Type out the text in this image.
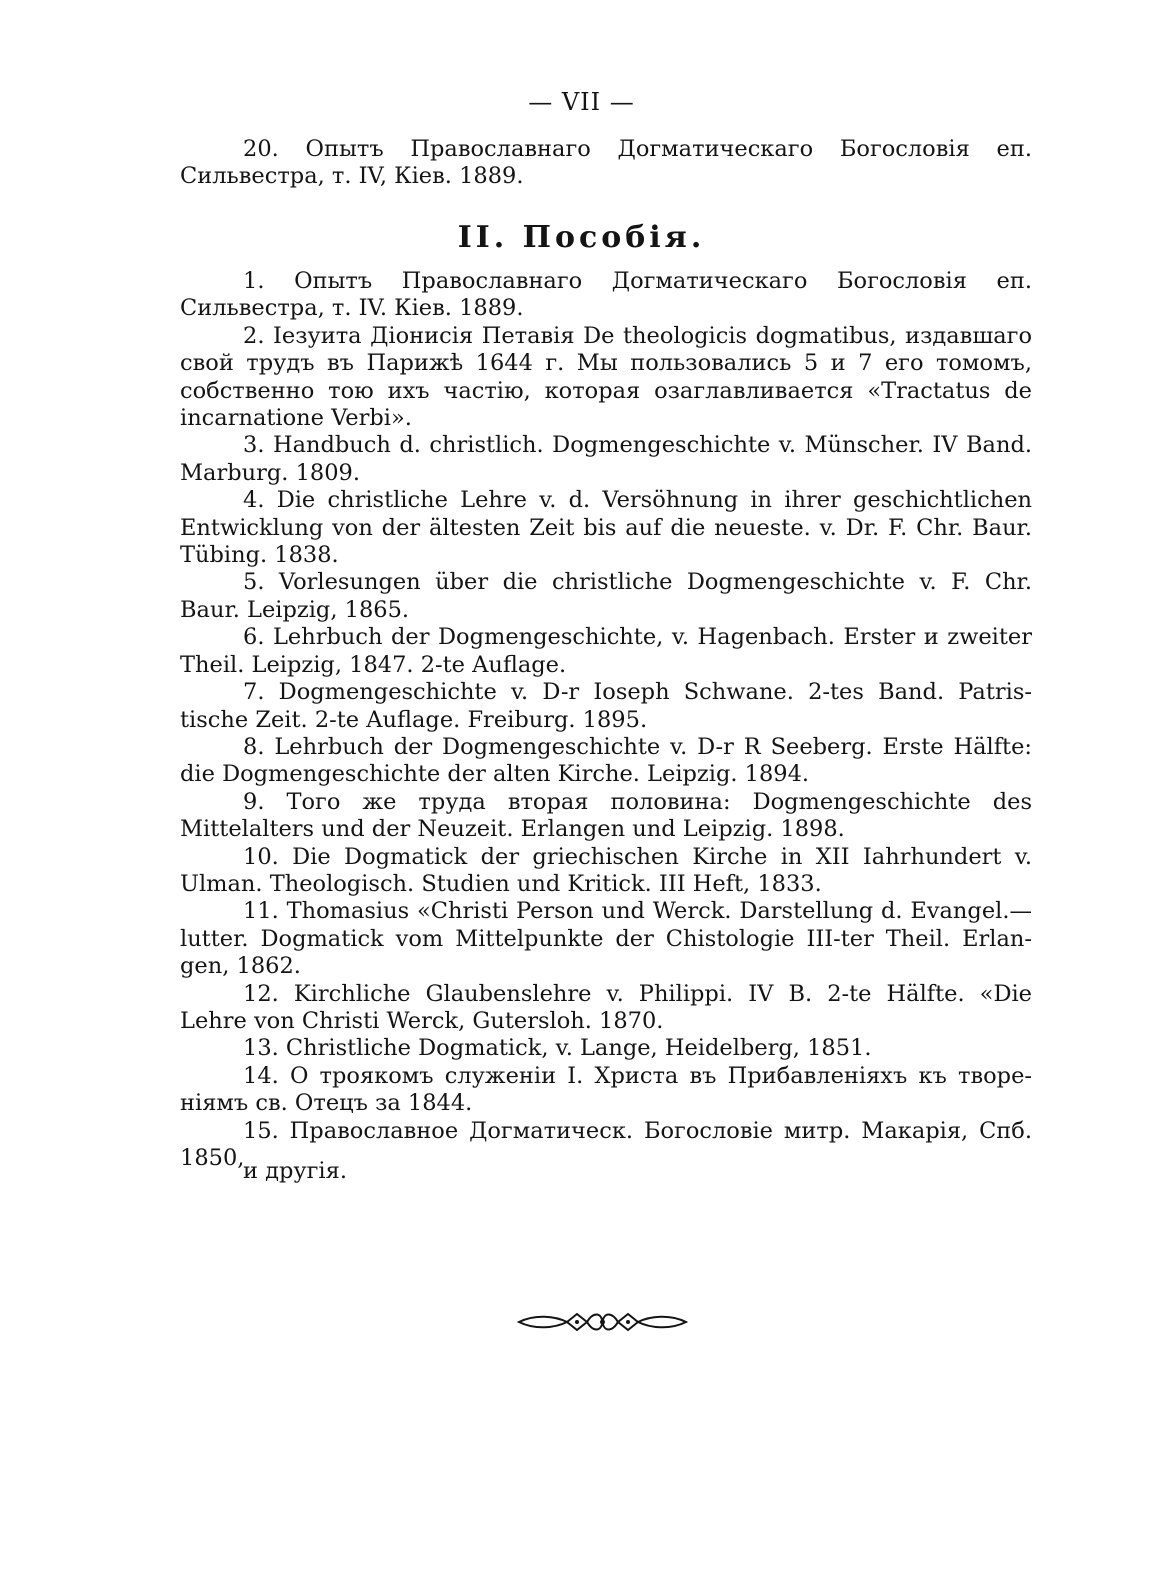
— VII —

20. Опытъ Православнаго Догматическаго Богословія еп. Сильвестра, т. IV, Кіев. 1889.

II. Пособія.

1. Опытъ Православнаго Догматическаго Богословія еп. Сильвестра, т. IV. Кіев. 1889.

2. Іезуита Діонисія Петавія De theologicis dogmatibus, издавшаго свой трудъ въ Парижѣ 1644 г. Мы пользовались 5 и 7 его томомъ, собственно тою ихъ частію, которая озаглавливается «Tractatus de incarnatione Verbi».

3. Handbuch d. christlich. Dogmengeschichte v. Münscher. IV Band. Marburg. 1809.

4. Die christliche Lehre v. d. Versöhnung in ihrer geschichtlichen Entwicklung von der ältesten Zeit bis auf die neueste. v. Dr. F. Chr. Baur. Tübing. 1838.

5. Vorlesungen über die christliche Dogmengeschichte v. F. Chr. Baur. Leipzig, 1865.

6. Lehrbuch der Dogmengeschichte, v. Hagenbach. Erster и zweiter Theil. Leipzig, 1847. 2-te Auflage.

7. Dogmengeschichte v. D-r Ioseph Schwane. 2-tes Band. Patristische Zeit. 2-te Auflage. Freiburg. 1895.

8. Lehrbuch der Dogmengeschichte v. D-r R Seeberg. Erste Hälfte: die Dogmengeschichte der alten Kirche. Leipzig. 1894.

9. Того же труда вторая половина: Dogmengeschichte des Mittelalters und der Neuzeit. Erlangen und Leipzig. 1898.

10. Die Dogmatick der griechischen Kirche in XII Iahrhundert v. Ulman. Theologisch. Studien und Kritick. III Heft, 1833.

11. Thomasius «Christi Person und Werck. Darstellung d. Evangel.— lutter. Dogmatick vom Mittelpunkte der Chistologie III-ter Theil. Erlangen, 1862.

12. Kirchliche Glaubenslehre v. Philippi. IV B. 2-te Hälfte. «Die Lehre von Christi Werck, Gutersloh. 1870.

13. Christliche Dogmatick, v. Lange, Heidelberg, 1851.

14. О троякомъ служеніи І. Христа въ Прибавленіяхъ къ твореніямъ св. Отецъ за 1844.

15. Православное Догматическ. Богословіе митр. Макарія, Спб. 1850,

и другія.
